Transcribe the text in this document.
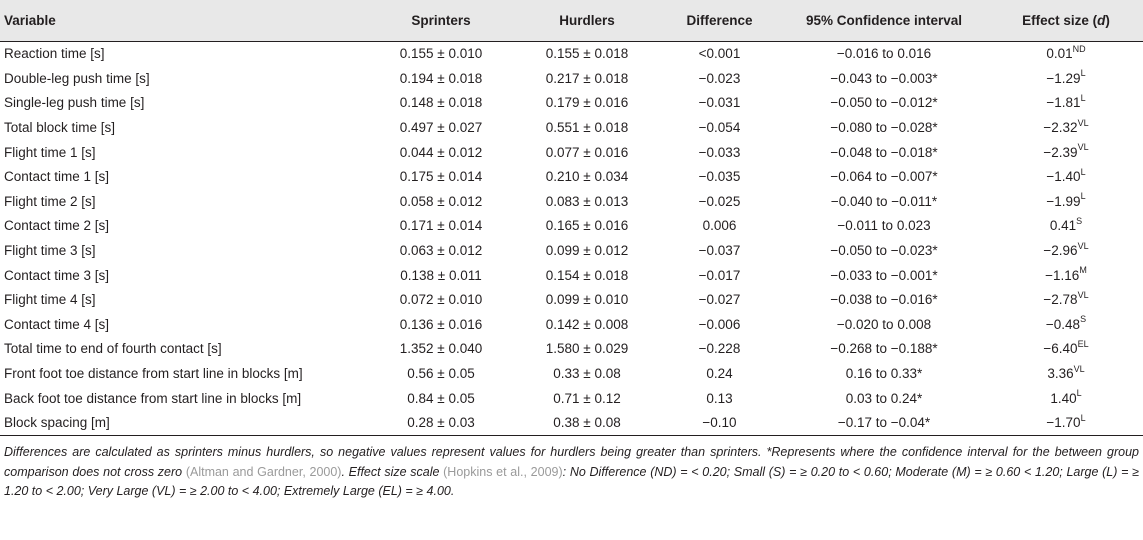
Variable	Sprinters	Hurdlers	Difference	95% Confidence interval	Effect size (d)
Reaction time [s]	0.155 ± 0.010	0.155 ± 0.018	<0.001	−0.016 to 0.016	0.01ND
Double-leg push time [s]	0.194 ± 0.018	0.217 ± 0.018	−0.023	−0.043 to −0.003*	$-1.29^L$
Single-leg push time [s]	0.148 ± 0.018	0.179 ± 0.016	−0.031	−0.050 to −0.012*	$-1.81^L$
Total block time [s]	0.497 ± 0.027	0.551 ± 0.018	−0.054	−0.080 to −0.028*	$-2.32^{VL}$
Flight time 1 [s]	0.044 ± 0.012	0.077 ± 0.016	−0.033	−0.048 to −0.018*	$-2.39^{VL}$
Contact time 1 [s]	0.175 ± 0.014	0.210 ± 0.034	−0.035	−0.064 to −0.007*	$-1.40^L$
Flight time 2 [s]	0.058 ± 0.012	0.083 ± 0.013	−0.025	−0.040 to −0.011*	$-1.99^L$
Contact time 2 [s]	0.171 ± 0.014	0.165 ± 0.016	0.006	−0.011 to 0.023	$0.41^S$
Flight time 3 [s]	0.063 ± 0.012	0.099 ± 0.012	−0.037	−0.050 to −0.023*	$-2.96^{VL}$
Contact time 3 [s]	0.138 ± 0.011	0.154 ± 0.018	−0.017	−0.033 to −0.001*	$-1.16^M$
Flight time 4 [s]	0.072 ± 0.010	0.099 ± 0.010	−0.027	−0.038 to −0.016*	$-2.78^{VL}$
Contact time 4 [s]	0.136 ± 0.016	0.142 ± 0.008	−0.006	−0.020 to 0.008	$-0.48^S$
Total time to end of fourth contact [s]	1.352 ± 0.040	1.580 ± 0.029	−0.228	−0.268 to −0.188*	$-6.40^{EL}$
Front foot toe distance from start line in blocks [m]	0.56 ± 0.05	0.33 ± 0.08	0.24	0.16 to 0.33*	$3.36^{VL}$
Back foot toe distance from start line in blocks [m]	0.84 ± 0.05	0.71 ± 0.12	0.13	0.03 to 0.24*	$1.40^L$
Block spacing [m]	0.28 ± 0.03	0.38 ± 0.08	−0.10	−0.17 to −0.04*	$-1.70^L$
Differences are calculated as sprinters minus hurdlers, so negative values represent values for hurdlers being greater than sprinters. *Represents where the confidence interval for the between group comparison does not cross zero (Altman and Gardner, 2000). Effect size scale (Hopkins et al., 2009): No Difference (ND) = < 0.20; Small (S) = ≥ 0.20 to < 0.60; Moderate (M) = ≥ 0.60 < 1.20; Large (L) = ≥ 1.20 to < 2.00; Very Large (VL) = ≥ 2.00 to < 4.00; Extremely Large (EL) = ≥ 4.00.
